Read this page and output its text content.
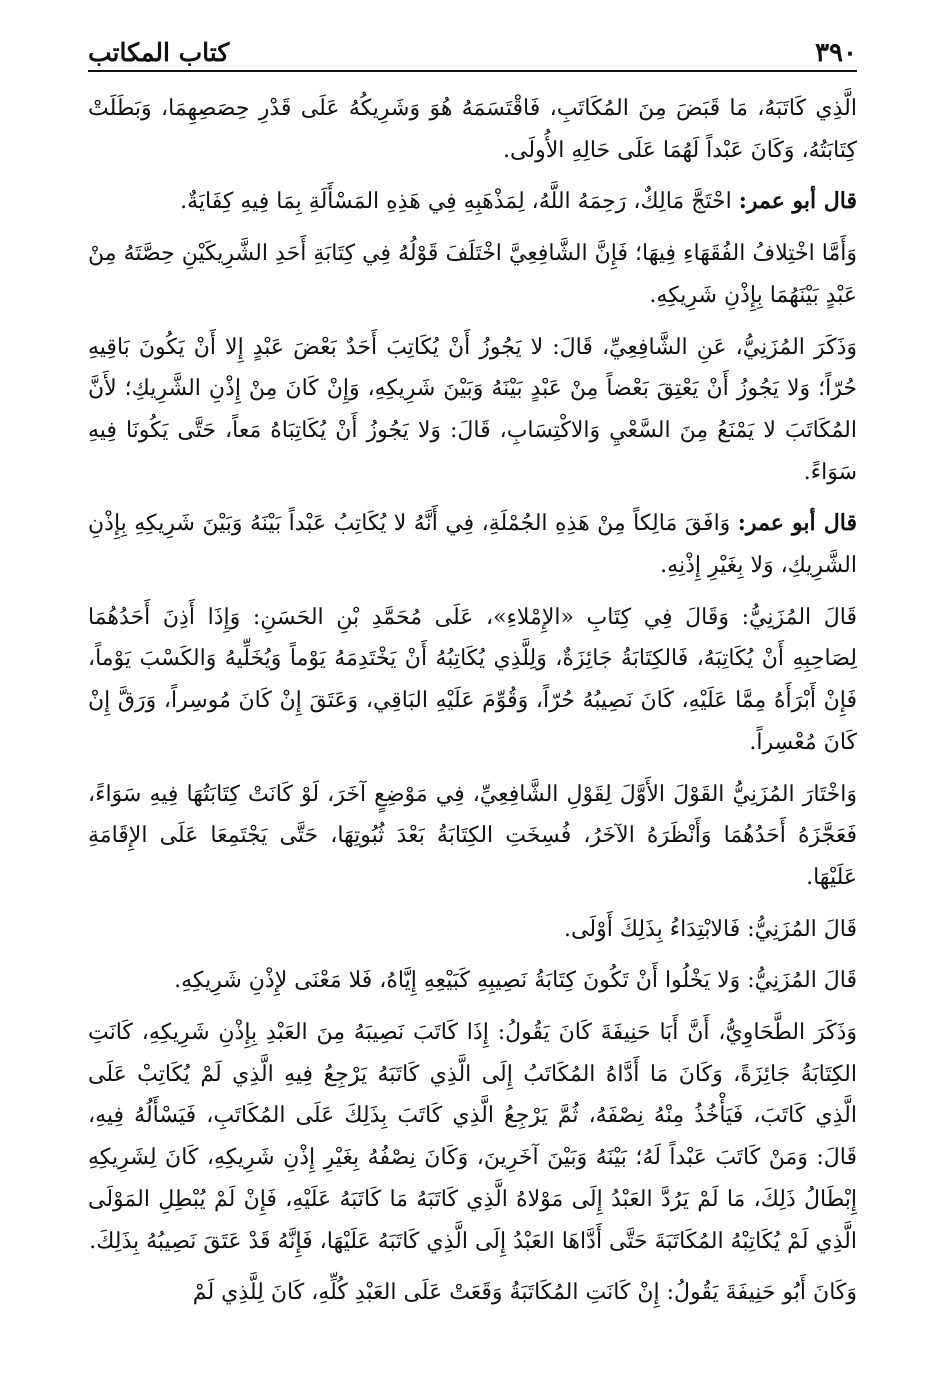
٣٩٠
كتاب المكاتب

الَّذِي كَاتَبَهُ، مَا قَبَضَ مِنَ المُكَاتَبِ، فَاقْتَسَمَهُ هُوَ وَشَرِيكُهُ عَلَى قَدْرِ حِصَصِهِمَا، وَبَطَلَتْ كِتَابَتُهُ، وَكَانَ عَبْداً لَهُمَا عَلَى حَالِهِ الأُولَى.

قال أبو عمر: احْتَجَّ مَالِكٌ، رَحِمَهُ اللَّهُ، لِمَذْهَبِهِ فِي هَذِهِ المَسْأَلَةِ بِمَا فِيهِ كِفَايَةٌ.

وَأَمَّا اخْتِلافُ الفُقَهَاءِ فِيهَا؛ فَإِنَّ الشَّافِعِيَّ اخْتَلَفَ قَوْلُهُ فِي كِتَابَةِ أَحَدِ الشَّرِيكَيْنِ حِصَّتَهُ مِنْ عَبْدٍ بَيْنَهُمَا بِإِذْنِ شَرِيكِهِ.

وَذَكَرَ المُزَنِيُّ، عَنِ الشَّافِعِيِّ، قَالَ: لا يَجُوزُ أَنْ يُكَاتِبَ أَحَدٌ بَعْضَ عَبْدٍ إِلا أَنْ يَكُونَ بَاقِيهِ حُرّاً؛ وَلا يَجُوزُ أَنْ يَعْتِقَ بَعْضاً مِنْ عَبْدٍ بَيْنَهُ وَبَيْنَ شَرِيكِهِ، وَإِنْ كَانَ مِنْ إِذْنِ الشَّرِيكِ؛ لأَنَّ المُكَاتَبَ لا يَمْنَعُ مِنَ السَّعْيِ وَالاكْتِسَابِ، قَالَ: وَلا يَجُوزُ أَنْ يُكَاتِبَاهُ مَعاً، حَتَّى يَكُونَا فِيهِ سَوَاءً.

قال أبو عمر: وَافَقَ مَالِكاً مِنْ هَذِهِ الجُمْلَةِ، فِي أَنَّهُ لا يُكَاتِبُ عَبْداً بَيْنَهُ وَبَيْنَ شَرِيكِهِ بِإِذْنِ الشَّرِيكِ، وَلا بِغَيْرِ إِذْنِهِ.

قَالَ المُزَنِيُّ: وَقَالَ فِي كِتَابِ «الإِمْلاءِ»، عَلَى مُحَمَّدِ بْنِ الحَسَنِ: وَإِذَا أَذِنَ أَحَدُهُمَا لِصَاحِبِهِ أَنْ يُكَاتِبَهُ، فَالكِتَابَةُ جَائِزَةٌ، وَلِلَّذِي يُكَاتِبُهُ أَنْ يَخْتَدِمَهُ يَوْماً وَيُخَلِّيهُ وَالكَسْبَ يَوْماً، فَإِنْ أَبْرَأَهُ مِمَّا عَلَيْهِ، كَانَ نَصِيبُهُ حُرّاً، وَقُوِّمَ عَلَيْهِ البَاقِي، وَعَتَقَ إِنْ كَانَ مُوسِراً، وَرَقَّ إِنْ كَانَ مُعْسِراً.

وَاخْتَارَ المُزَنِيُّ القَوْلَ الأَوَّلَ لِقَوْلِ الشَّافِعِيِّ، فِي مَوْضِعٍ آخَرَ، لَوْ كَانَتْ كِتَابَتُهَا فِيهِ سَوَاءً، فَعَجَّزَهُ أَحَدُهُمَا وَأَنْظَرَهُ الآخَرُ، فُسِخَتِ الكِتَابَةُ بَعْدَ ثُبُوتِهَا، حَتَّى يَجْتَمِعَا عَلَى الإِقَامَةِ عَلَيْهَا.

قَالَ المُزَنِيُّ: فَالابْتِدَاءُ بِذَلِكَ أَوْلَى.

قَالَ المُزَنِيُّ: وَلا يَخْلُوا أَنْ تَكُونَ كِتَابَةُ نَصِيبِهِ كَبَيْعِهِ إِيَّاهُ، فَلا مَعْنَى لإِذْنِ شَرِيكِهِ.

وَذَكَرَ الطَّحَاوِيُّ، أَنَّ أَبَا حَنِيفَةَ كَانَ يَقُولُ: إِذَا كَاتَبَ نَصِيبَهُ مِنَ العَبْدِ بِإِذْنِ شَرِيكِهِ، كَانَتِ الكِتَابَةُ جَائِزَةً، وَكَانَ مَا أَدَّاهُ المُكَاتَبُ إِلَى الَّذِي كَاتَبَهُ يَرْجِعُ فِيهِ الَّذِي لَمْ يُكَاتِبْ عَلَى الَّذِي كَاتَبَ، فَيَأْخُذُ مِنْهُ نِصْفَهُ، ثُمَّ يَرْجِعُ الَّذِي كَاتَبَ بِذَلِكَ عَلَى المُكَاتَبِ، فَيَسْأَلُهُ فِيهِ، قَالَ: وَمَنْ كَاتَبَ عَبْداً لَهُ؛ بَيْنَهُ وَبَيْنَ آخَرِينَ، وَكَانَ نِصْفُهُ بِغَيْرِ إِذْنِ شَرِيكِهِ، كَانَ لِشَرِيكِهِ إِبْطَالُ ذَلِكَ، مَا لَمْ يَرُدَّ العَبْدُ إِلَى مَوْلاهُ الَّذِي كَاتَبَهُ مَا كَاتَبَهُ عَلَيْهِ، فَإِنْ لَمْ يُبْطِلِ المَوْلَى الَّذِي لَمْ يُكَاتِبْهُ المُكَاتَبَةَ حَتَّى أَدَّاهَا العَبْدُ إِلَى الَّذِي كَاتَبَهُ عَلَيْهَا، فَإِنَّهُ قَدْ عَتَقَ نَصِيبُهُ بِذَلِكَ.

وَكَانَ أَبُو حَنِيفَةَ يَقُولُ: إِنْ كَانَتِ المُكَاتَبَةُ وَقَعَتْ عَلَى العَبْدِ كُلِّهِ، كَانَ لِلَّذِي لَمْ
